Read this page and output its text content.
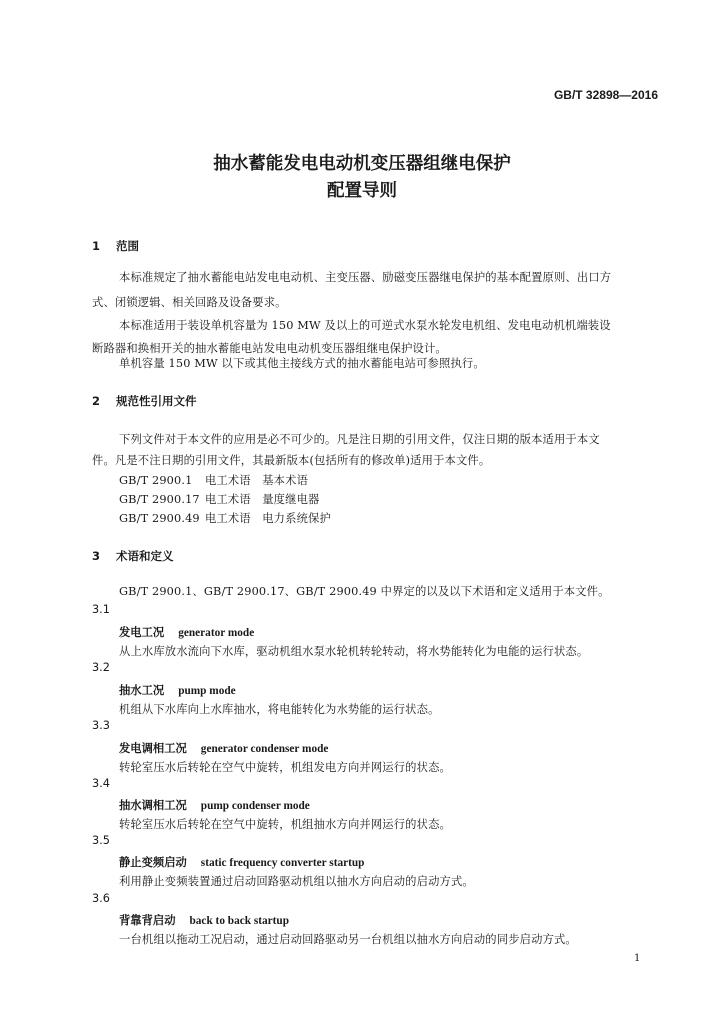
GB/T 32898—2016
抽水蓄能发电电动机变压器组继电保护
配置导则
1 范围
本标准规定了抽水蓄能电站发电电动机、主变压器、励磁变压器继电保护的基本配置原则、出口方
式、闭锁逻辑、相关回路及设备要求。
本标准适用于装设单机容量为 150 MW 及以上的可逆式水泵水轮发电机组、发电电动机机端装设
断路器和换相开关的抽水蓄能电站发电电动机变压器组继电保护设计。
单机容量 150 MW 以下或其他主接线方式的抽水蓄能电站可参照执行。
2 规范性引用文件
下列文件对于本文件的应用是必不可少的。凡是注日期的引用文件，仅注日期的版本适用于本文
件。凡是不注日期的引用文件，其最新版本(包括所有的修改单)适用于本文件。
GB/T 2900.1 电工术语　基本术语
GB/T 2900.17 电工术语　量度继电器
GB/T 2900.49 电工术语　电力系统保护
3 术语和定义
GB/T 2900.1、GB/T 2900.17、GB/T 2900.49 中界定的以及以下术语和定义适用于本文件。
3.1
发电工况 generator mode
从上水库放水流向下水库，驱动机组水泵水轮机转轮转动，将水势能转化为电能的运行状态。
3.2
抽水工况 pump mode
机组从下水库向上水库抽水，将电能转化为水势能的运行状态。
3.3
发电调相工况 generator condenser mode
转轮室压水后转轮在空气中旋转，机组发电方向并网运行的状态。
3.4
抽水调相工况 pump condenser mode
转轮室压水后转轮在空气中旋转，机组抽水方向并网运行的状态。
3.5
静止变频启动 static frequency converter startup
利用静止变频装置通过启动回路驱动机组以抽水方向启动的启动方式。
3.6
背靠背启动 back to back startup
一台机组以拖动工况启动，通过启动回路驱动另一台机组以抽水方向启动的同步启动方式。
1
